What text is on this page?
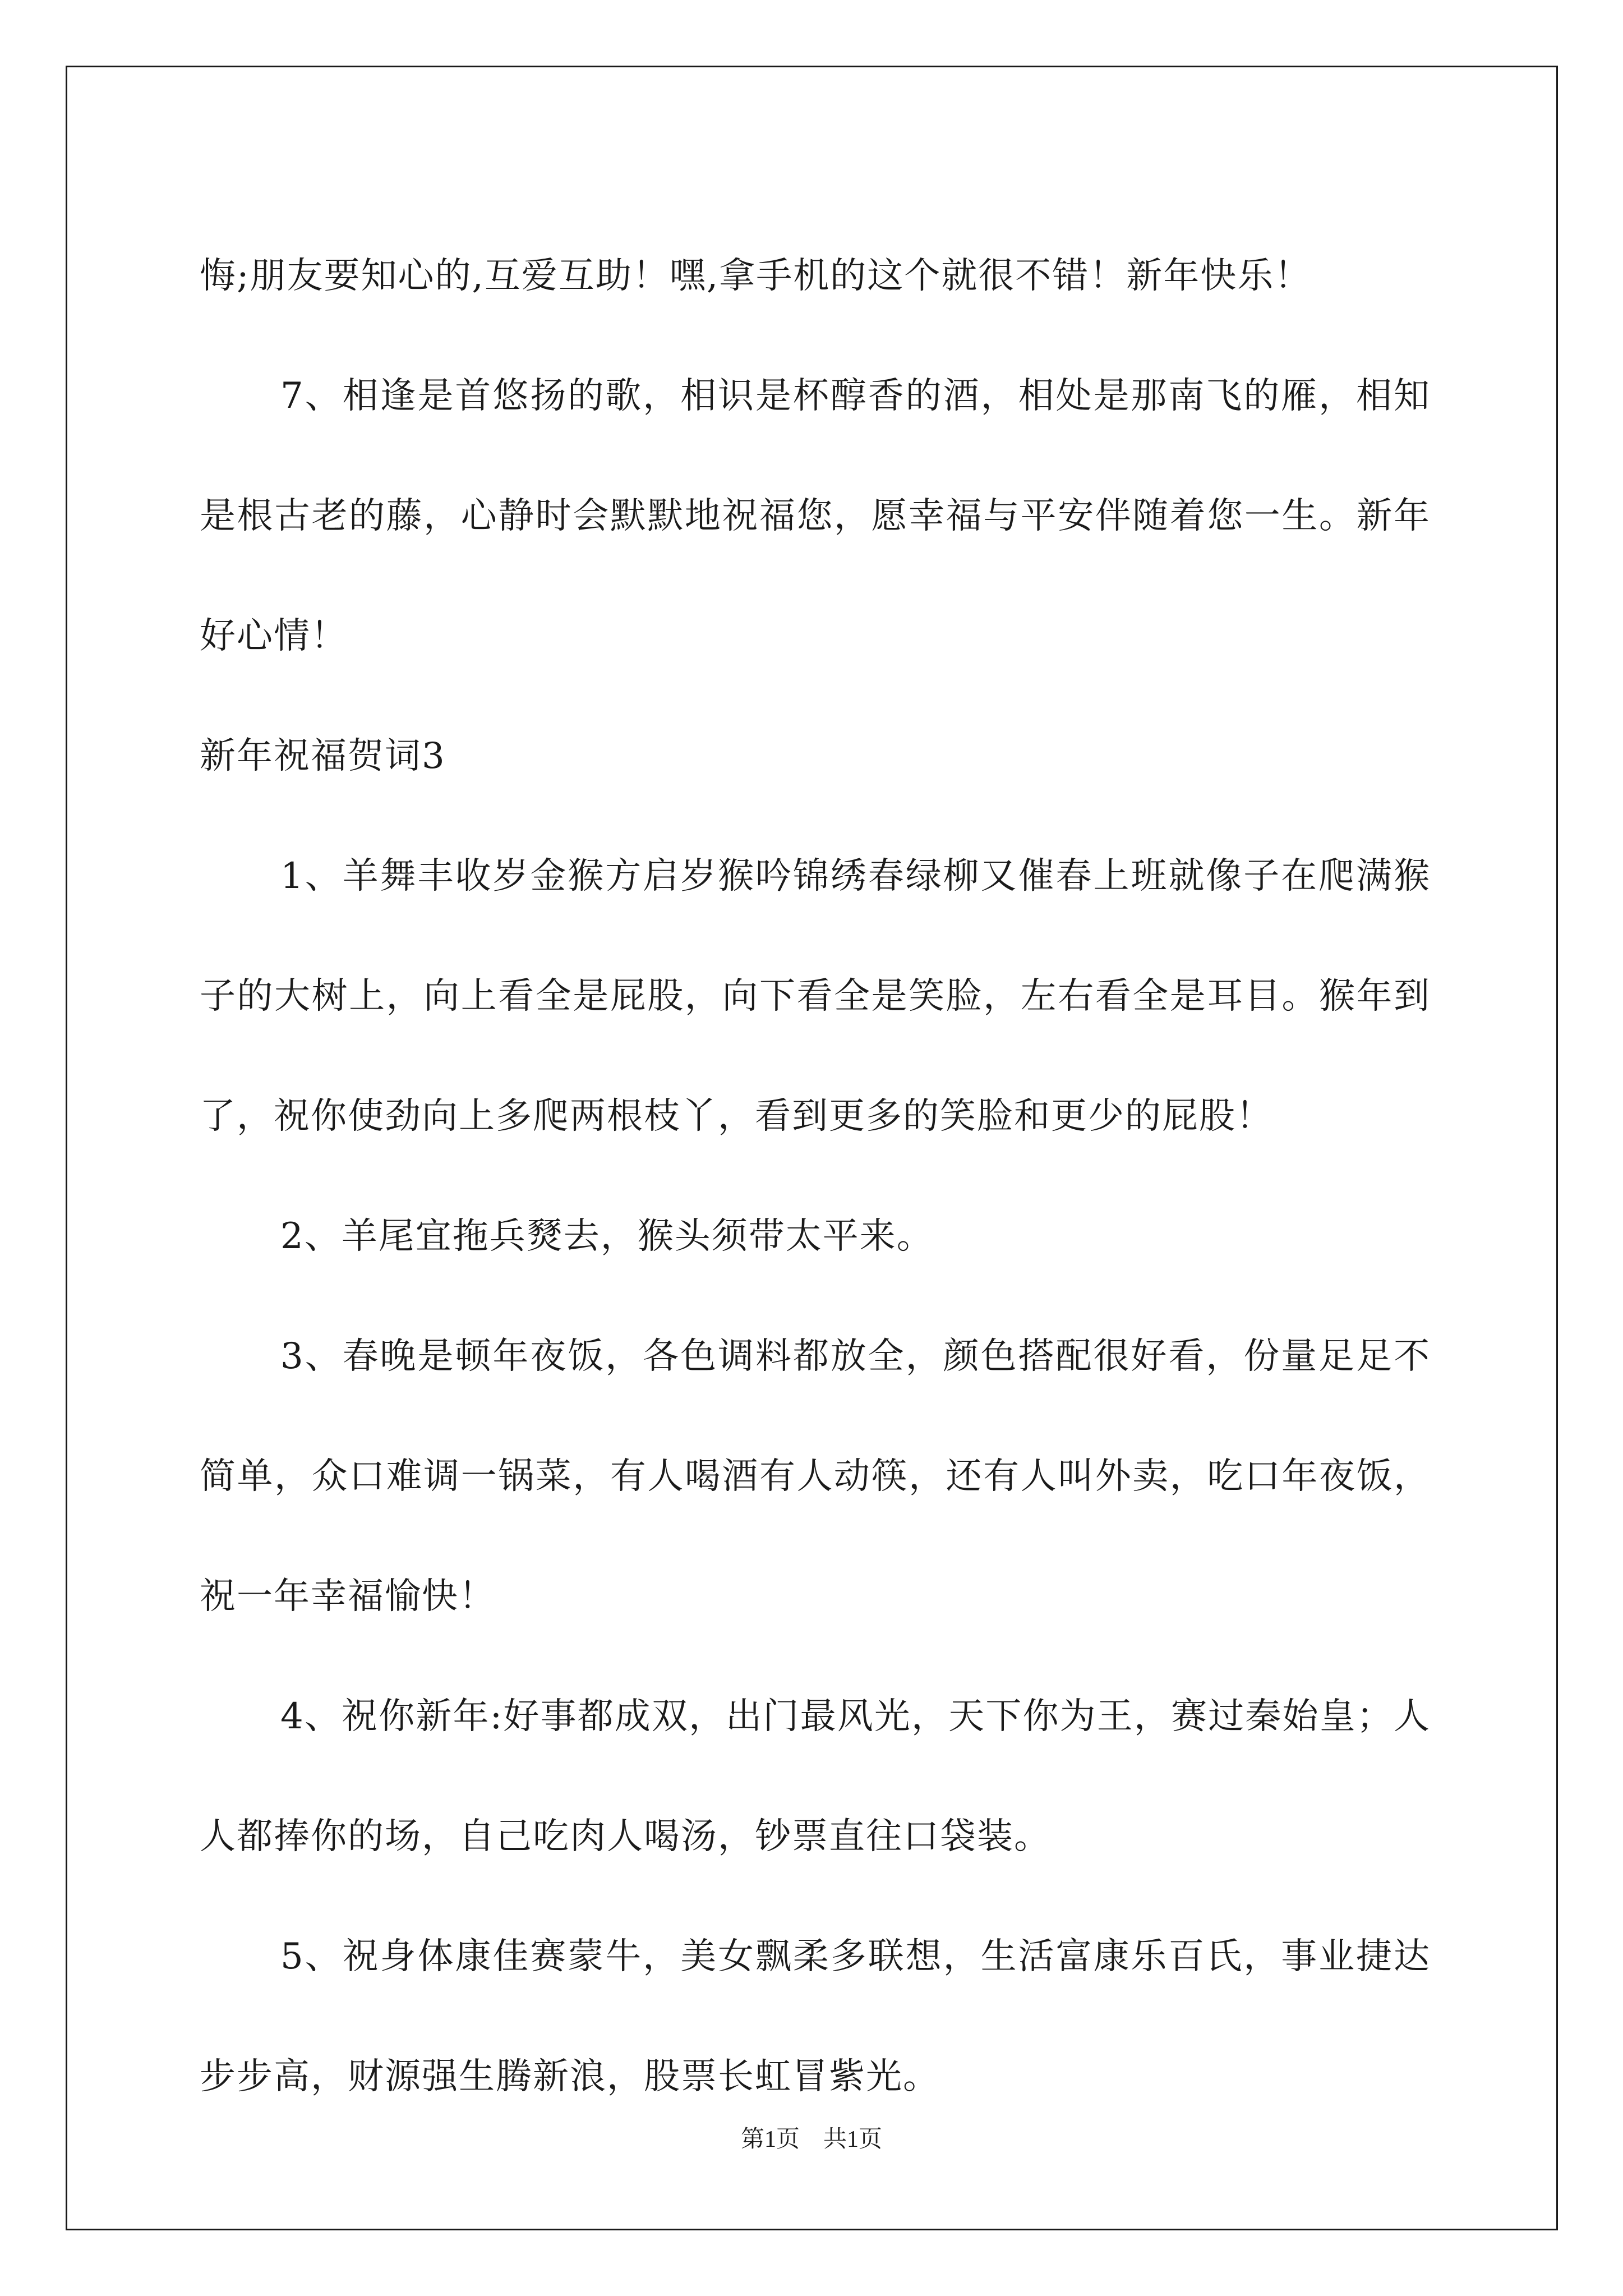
悔;朋友要知心的,互爱互助！嘿,拿手机的这个就很不错！新年快乐！

7、相逢是首悠扬的歌，相识是杯醇香的酒，相处是那南飞的雁，相知是根古老的藤，心静时会默默地祝福您，愿幸福与平安伴随着您一生。新年好心情！

新年祝福贺词3

1、羊舞丰收岁金猴方启岁猴吟锦绣春绿柳又催春上班就像子在爬满猴子的大树上，向上看全是屁股，向下看全是笑脸，左右看全是耳目。猴年到了，祝你使劲向上多爬两根枝丫，看到更多的笑脸和更少的屁股！

2、羊尾宜拖兵燹去，猴头须带太平来。

3、春晚是顿年夜饭，各色调料都放全，颜色搭配很好看，份量足足不简单，众口难调一锅菜，有人喝酒有人动筷，还有人叫外卖，吃口年夜饭，祝一年幸福愉快！

4、祝你新年:好事都成双，出门最风光，天下你为王，赛过秦始皇；人人都捧你的场，自己吃肉人喝汤，钞票直往口袋装。

5、祝身体康佳赛蒙牛，美女飘柔多联想，生活富康乐百氏，事业捷达步步高，财源强生腾新浪，股票长虹冒紫光。

第1页　共1页
